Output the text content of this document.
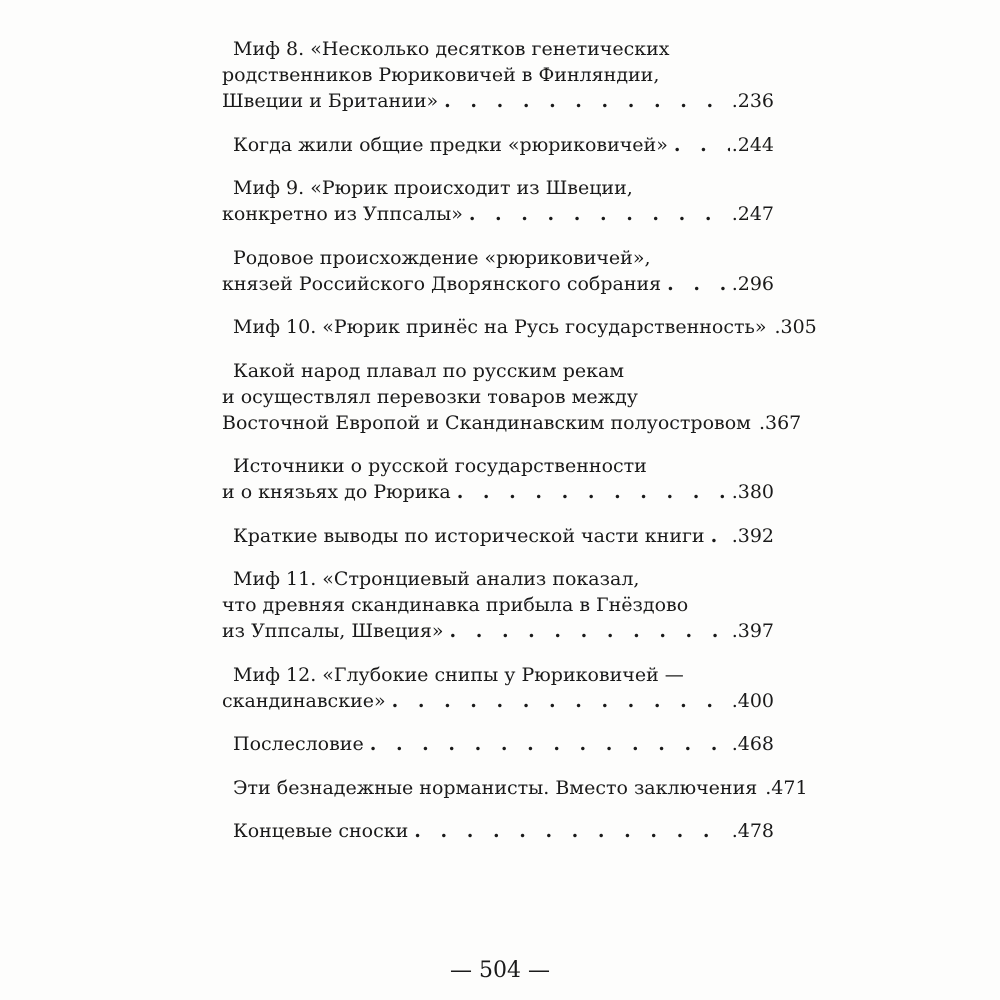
Миф 8. «Несколько десятков генетических
родственников Рюриковичей в Финляндии,
Швеции и Британии» . . .	.236
Когда жили общие предки «рюриковичей» . . .	.244
Миф 9. «Рюрик происходит из Швеции,
конкретно из Уппсалы» . . .	.247
Родовое происхождение «рюриковичей»,
князей Российского Дворянского собрания . . .	.296
Миф 10. «Рюрик принёс на Русь государственность» .305
Какой народ плавал по русским рекам
и осуществлял перевозки товаров между
Восточной Европой и Скандинавским полуостровом .367
Источники о русской государственности
и о князьях до Рюрика . . .	.380
Краткие выводы по исторической части книги . . . .392
Миф 11. «Стронциевый анализ показал,
что древняя скандинавка прибыла в Гнёздово
из Уппсалы, Швеция» . . .	.397
Миф 12. «Глубокие снипы у Рюриковичей —
скандинавские» . . .	.400
Послесловие . . .	.468
Эти безнадежные норманисты. Вместо заключения .471
Концевые сноски . . .	.478
— 504 —
